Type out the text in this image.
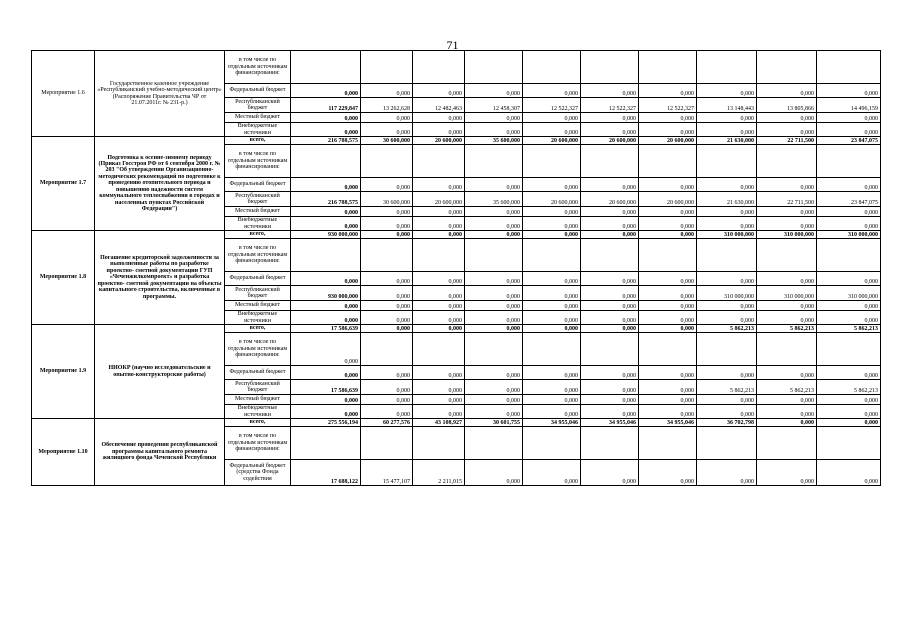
71
Мероприятие 1.6	Государственное казенное учреждение «Республиканский учебно-методический центр» (Распоряжение Правительства ЧР от 21.07.2011г. № 231-р.)	в том числе по отдельным источникам финансирования:										
		Федеральный бюджет	0,000	0,000	0,000	0,000	0,000	0,000	0,000	0,000	0,000	0,000
		Республиканский бюджет	117 229,847	13 262,628	12 482,463	12 458,307	12 522,327	12 522,327	12 522,327	13 148,443	13 805,866	14 496,159
		Местный бюджет	0,000	0,000	0,000	0,000	0,000	0,000	0,000	0,000	0,000	0,000
		Внебюджетные источники	0,000	0,000	0,000	0,000	0,000	0,000	0,000	0,000	0,000	0,000
Мероприятие 1.7	Подготовка к осенне-зимнему периоду (Приказ Госстроя РФ от 6 сентября 2000 г. № 203 "Об утверждении Организационно-методических рекомендаций по подготовке к проведению отопительного периода и повышению надежности систем коммунального теплоснабжения в городах и населенных пунктах Российской Федерации")	всего,	216 788,575	30 600,000	20 600,000	35 600,000	20 600,000	20 600,000	20 600,000	21 630,000	22 711,500	23 847,075
		в том числе по отдельным источникам финансирования:										
		Федеральный бюджет	0,000	0,000	0,000	0,000	0,000	0,000	0,000	0,000	0,000	0,000
		Республиканский бюджет	216 788,575	30 600,000	20 600,000	35 600,000	20 600,000	20 600,000	20 600,000	21 630,000	22 711,500	23 847,075
		Местный бюджет	0,000	0,000	0,000	0,000	0,000	0,000	0,000	0,000	0,000	0,000
		Внебюджетные источники	0,000	0,000	0,000	0,000	0,000	0,000	0,000	0,000	0,000	0,000
Мероприятие 1.8	Погашение кредиторской задолженности за выполненные работы по разработке проектно- сметной документации ГУП «Чеченжилкомпроект» и разработка проектно- сметной документации на объекты капитального строительства, включенные в программы.	всего,	930 000,000	0,000	0,000	0,000	0,000	0,000	0,000	310 000,000	310 000,000	310 000,000
		в том числе по отдельным источникам финансирования:										
		Федеральный бюджет	0,000	0,000	0,000	0,000	0,000	0,000	0,000	0,000	0,000	0,000
		Республиканский бюджет	930 000,000	0,000	0,000	0,000	0,000	0,000	0,000	310 000,000	310 000,000	310 000,000
		Местный бюджет	0,000	0,000	0,000	0,000	0,000	0,000	0,000	0,000	0,000	0,000
		Внебюджетные источники	0,000	0,000	0,000	0,000	0,000	0,000	0,000	0,000	0,000	0,000
Мероприятие 1.9	НИОКР (научно исследовательские и опытно-конструкторские работы)	всего,	17 586,639	0,000	0,000	0,000	0,000	0,000	0,000	5 862,213	5 862,213	5 862,213
		в том числе по отдельным источникам финансирования:	0,000									
		Федеральный бюджет	0,000	0,000	0,000	0,000	0,000	0,000	0,000	0,000	0,000	0,000
		Республиканский бюджет	17 586,639	0,000	0,000	0,000	0,000	0,000	0,000	5 862,213	5 862,213	5 862,213
		Местный бюджет	0,000	0,000	0,000	0,000	0,000	0,000	0,000	0,000	0,000	0,000
		Внебюджетные источники	0,000	0,000	0,000	0,000	0,000	0,000	0,000	0,000	0,000	0,000
Мероприятие 1.10	Обеспечение проведения республиканской программы капитального ремонта жилищного фонда Чеченской Республики	всего,	275 556,194	60 277,576	43 108,927	30 601,755	34 955,046	34 955,046	34 955,046	36 702,798	0,000	0,000
		в том числе по отдельным источникам финансирования:										
		Федеральный бюджет (средства Фонда содействия	17 688,122	15 477,107	2 211,015	0,000	0,000	0,000	0,000	0,000	0,000	0,000
